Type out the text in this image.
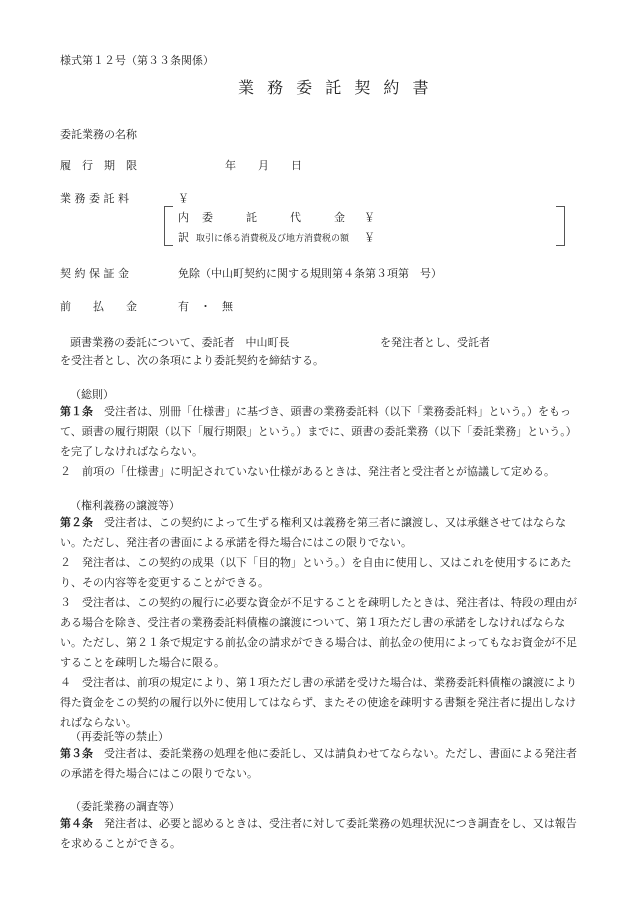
様式第１２号（第３３条関係）
業 務 委 託 契 約 書
委託業務の名称
履　行　期　限	年 月 日
業 務 委 託 料	￥
内 委　　　託　　　代　　　金 ￥
訳 取引に係る消費税及び地方消費税の額 ￥
契 約 保 証 金	免除（中山町契約に関する規則第４条第３項第　号）
前　　払　　金	有　・　無
頭書業務の委託について、委託者　中山町長	を発注者とし、受託者
を受注者とし、次の条項により委託契約を締結する。
（総則）
第１条　 受注者は、別冊「仕様書」に基づき、頭書の業務委託料（以下「業務委託料」という。）をもって、頭書の履行期限（以下「履行期限」という。）までに、頭書の委託業務（以下「委託業務」という。）を完了しなければならない。
２　前項の「仕様書」に明記されていない仕様があるときは、発注者と受注者とが協議して定める。
（権利義務の譲渡等）
第２条　 受注者は、この契約によって生ずる権利又は義務を第三者に譲渡し、又は承継させてはならない。ただし、発注者の書面による承諾を得た場合にはこの限りでない。
２　発注者は、この契約の成果（以下「目的物」という。）を自由に使用し、又はこれを使用するにあたり、その内容等を変更することができる。
３　受注者は、この契約の履行に必要な資金が不足することを疎明したときは、発注者は、特段の理由がある場合を除き、受注者の業務委託料債権の譲渡について、第１項ただし書の承諾をしなければならない。ただし、第２１条で規定する前払金の請求ができる場合は、前払金の使用によってもなお資金が不足することを疎明した場合に限る。
４　受注者は、前項の規定により、第１項ただし書の承諾を受けた場合は、業務委託料債権の譲渡により得た資金をこの契約の履行以外に使用してはならず、またその使途を疎明する書類を発注者に提出しなければならない。
（再委託等の禁止）
第３条　 受注者は、委託業務の処理を他に委託し、又は請負わせてならない。ただし、書面による発注者の承諾を得た場合にはこの限りでない。
（委託業務の調査等）
第４条　 発注者は、必要と認めるときは、受注者に対して委託業務の処理状況につき調査をし、又は報告を求めることができる。
